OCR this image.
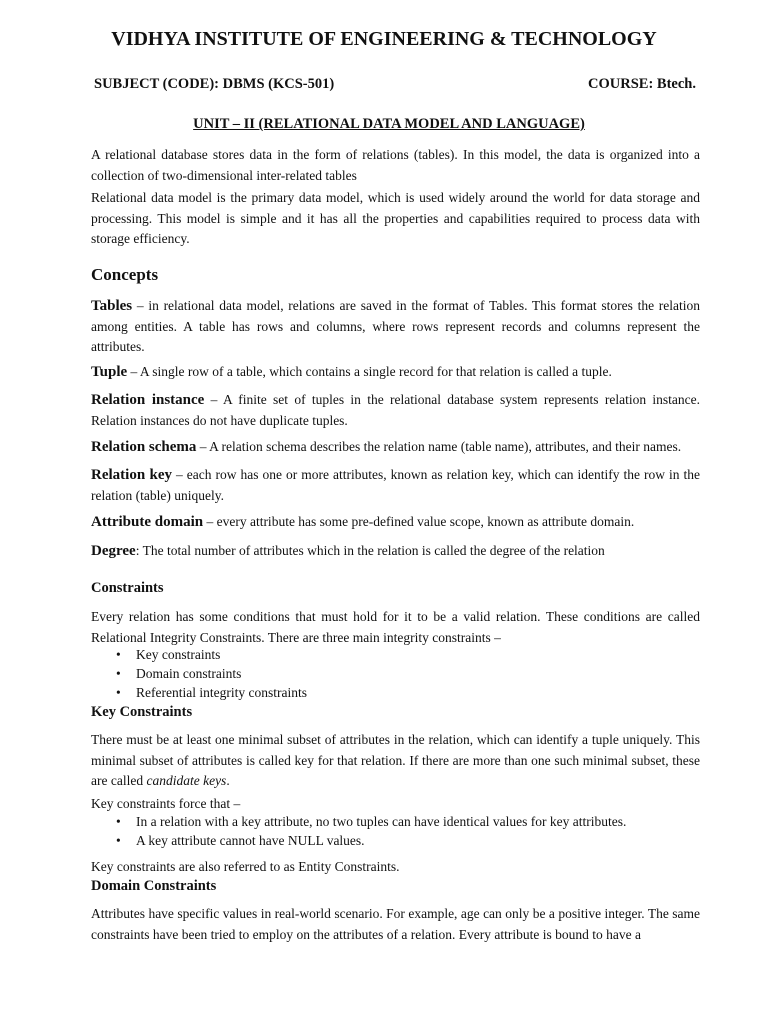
VIDHYA INSTITUTE OF ENGINEERING & TECHNOLOGY
SUBJECT (CODE): DBMS (KCS-501)	COURSE: Btech.
UNIT – II (RELATIONAL DATA MODEL AND LANGUAGE)

A relational database stores data in the form of relations (tables). In this model, the data is organized into a collection of two-dimensional inter-related tables

Relational data model is the primary data model, which is used widely around the world for data storage and processing. This model is simple and it has all the properties and capabilities required to process data with storage efficiency.

Concepts

Tables – in relational data model, relations are saved in the format of Tables. This format stores the relation among entities. A table has rows and columns, where rows represent records and columns represent the attributes.

Tuple – A single row of a table, which contains a single record for that relation is called a tuple.

Relation instance – A finite set of tuples in the relational database system represents relation instance. Relation instances do not have duplicate tuples.

Relation schema – A relation schema describes the relation name (table name), attributes, and their names.

Relation key – each row has one or more attributes, known as relation key, which can identify the row in the relation (table) uniquely.

Attribute domain – every attribute has some pre-defined value scope, known as attribute domain.

Degree: The total number of attributes which in the relation is called the degree of the relation

Constraints

Every relation has some conditions that must hold for it to be a valid relation. These conditions are called Relational Integrity Constraints. There are three main integrity constraints –

• Key constraints
• Domain constraints
• Referential integrity constraints
Key Constraints

There must be at least one minimal subset of attributes in the relation, which can identify a tuple uniquely. This minimal subset of attributes is called key for that relation. If there are more than one such minimal subset, these are called candidate keys.

Key constraints force that –

• In a relation with a key attribute, no two tuples can have identical values for key attributes.
• A key attribute cannot have NULL values.

Key constraints are also referred to as Entity Constraints.

Domain Constraints

Attributes have specific values in real-world scenario. For example, age can only be a positive integer. The same constraints have been tried to employ on the attributes of a relation. Every attribute is bound to have a
